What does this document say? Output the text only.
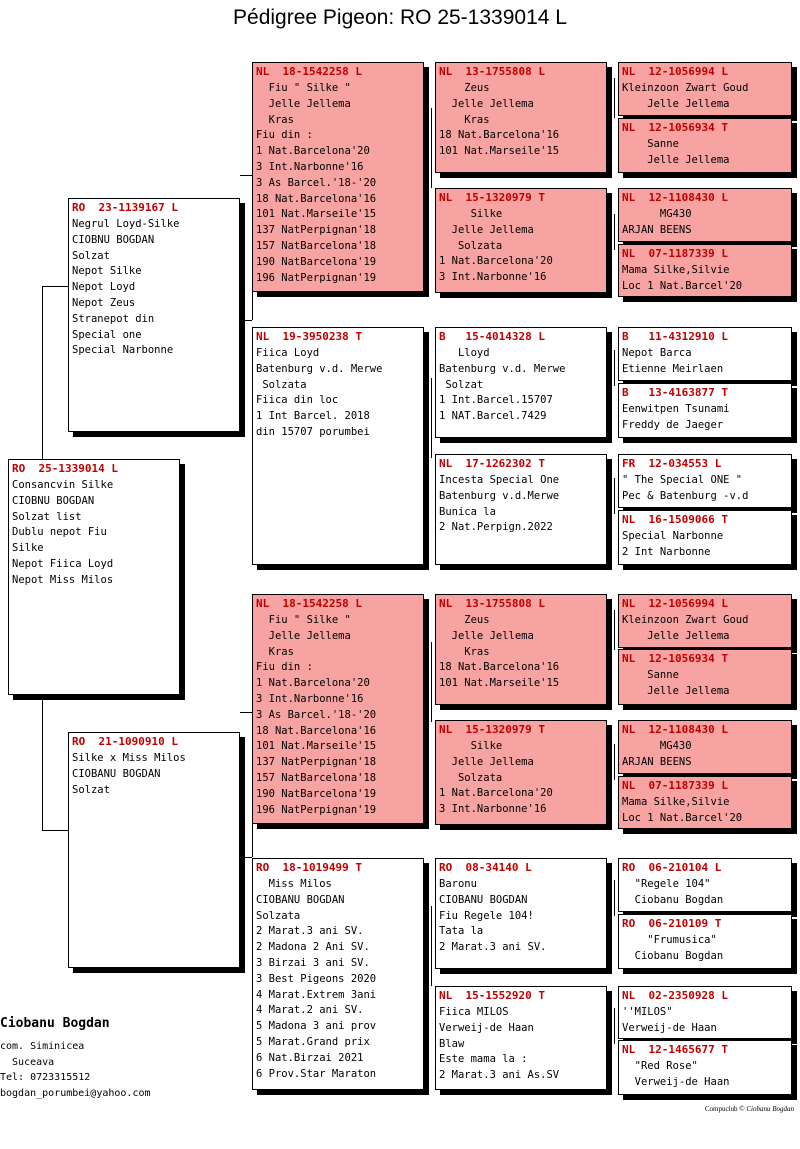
Pédigree Pigeon: RO 25-1339014 L
RO  25-1339014 L
Consancvin Silke
CIOBNU BOGDAN
Solzat list
Dublu nepot Fiu
Silke
Nepot Fiica Loyd
Nepot Miss Milos
RO  23-1139167 L
Negrul Loyd-Silke
CIOBNU BOGDAN
Solzat
Nepot Silke
Nepot Loyd
Nepot Zeus
Stranepot din
Special one
Special Narbonne
RO  21-1090910 L
Silke x Miss Milos
CIOBANU BOGDAN
Solzat
NL  18-1542258 L
Fiu " Silke "
Jelle Jellema
Kras
Fiu din :
1 Nat.Barcelona'20
3 Int.Narbonne'16
3 As Barcel.'18-'20
18 Nat.Barcelona'16
101 Nat.Marseile'15
137 NatPerpignan'18
157 NatBarcelona'18
190 NatBarcelona'19
196 NatPerpignan'19
NL  19-3950238 T
Fiica Loyd
Batenburg v.d. Merwe
Solzata
Fiica din loc
1 Int Barcel. 2018
din 15707 porumbei
NL  18-1542258 L
Fiu " Silke "
Jelle Jellema
Kras
Fiu din :
1 Nat.Barcelona'20
3 Int.Narbonne'16
3 As Barcel.'18-'20
18 Nat.Barcelona'16
101 Nat.Marseile'15
137 NatPerpignan'18
157 NatBarcelona'18
190 NatBarcelona'19
196 NatPerpignan'19
RO  18-1019499 T
Miss Milos
CIOBANU BOGDAN
Solzata
2 Marat.3 ani SV.
2 Madona 2 Ani SV.
3 Birzai 3 ani SV.
3 Best Pigeons 2020
4 Marat.Extrem 3ani
4 Marat.2 ani SV.
5 Madona 3 ani prov
5 Marat.Grand prix
6 Nat.Birzai 2021
6 Prov.Star Maraton
NL  13-1755808 L
Zeus
Jelle Jellema
Kras
18 Nat.Barcelona'16
101 Nat.Marseile'15
NL  15-1320979 T
Silke
Jelle Jellema
Solzata
1 Nat.Barcelona'20
3 Int.Narbonne'16
B   15-4014328 L
Lloyd
Batenburg v.d. Merwe
Solzat
1 Int.Barcel.15707
1 NAT.Barcel.7429
NL  17-1262302 T
Incesta Special One
Batenburg v.d.Merwe
Bunica la
2 Nat.Perpign.2022
NL  13-1755808 L
Zeus
Jelle Jellema
Kras
18 Nat.Barcelona'16
101 Nat.Marseile'15
NL  15-1320979 T
Silke
Jelle Jellema
Solzata
1 Nat.Barcelona'20
3 Int.Narbonne'16
RO  08-34140 L
Baronu
CIOBANU BOGDAN
Fiu Regele 104!
Tata la
2 Marat.3 ani SV.
NL  15-1552920 T
Fiica MILOS
Verweij-de Haan
Blaw
Este mama la :
2 Marat.3 ani As.SV
NL  12-1056994 L
Kleinzoon Zwart Goud
Jelle Jellema
NL  12-1056934 T
Sanne
Jelle Jellema
NL  12-1108430 L
MG430
ARJAN BEENS
NL  07-1187339 L
Mama Silke,Silvie
Loc 1 Nat.Barcel'20
B   11-4312910 L
Nepot Barca
Etienne Meirlaen
B   13-4163877 T
Eenwitpen Tsunami
Freddy de Jaeger
FR  12-034553 L
" The Special ONE "
Pec & Batenburg -v.d
NL  16-1509066 T
Special Narbonne
2 Int Narbonne
NL  12-1056994 L
Kleinzoon Zwart Goud
Jelle Jellema
NL  12-1056934 T
Sanne
Jelle Jellema
NL  12-1108430 L
MG430
ARJAN BEENS
NL  07-1187339 L
Mama Silke,Silvie
Loc 1 Nat.Barcel'20
RO  06-210104 L
"Regele 104"
Ciobanu Bogdan
RO  06-210109 T
"Frumusica"
Ciobanu Bogdan
NL  02-2350928 L
''MILOS"
Verweij-de Haan
NL  12-1465677 T
"Red Rose"
Verweij-de Haan
Ciobanu Bogdan
com. Siminicea
Suceava
Tel: 0723315512
bogdan_porumbei@yahoo.com
Compuclub © Ciobanu Bogdan
